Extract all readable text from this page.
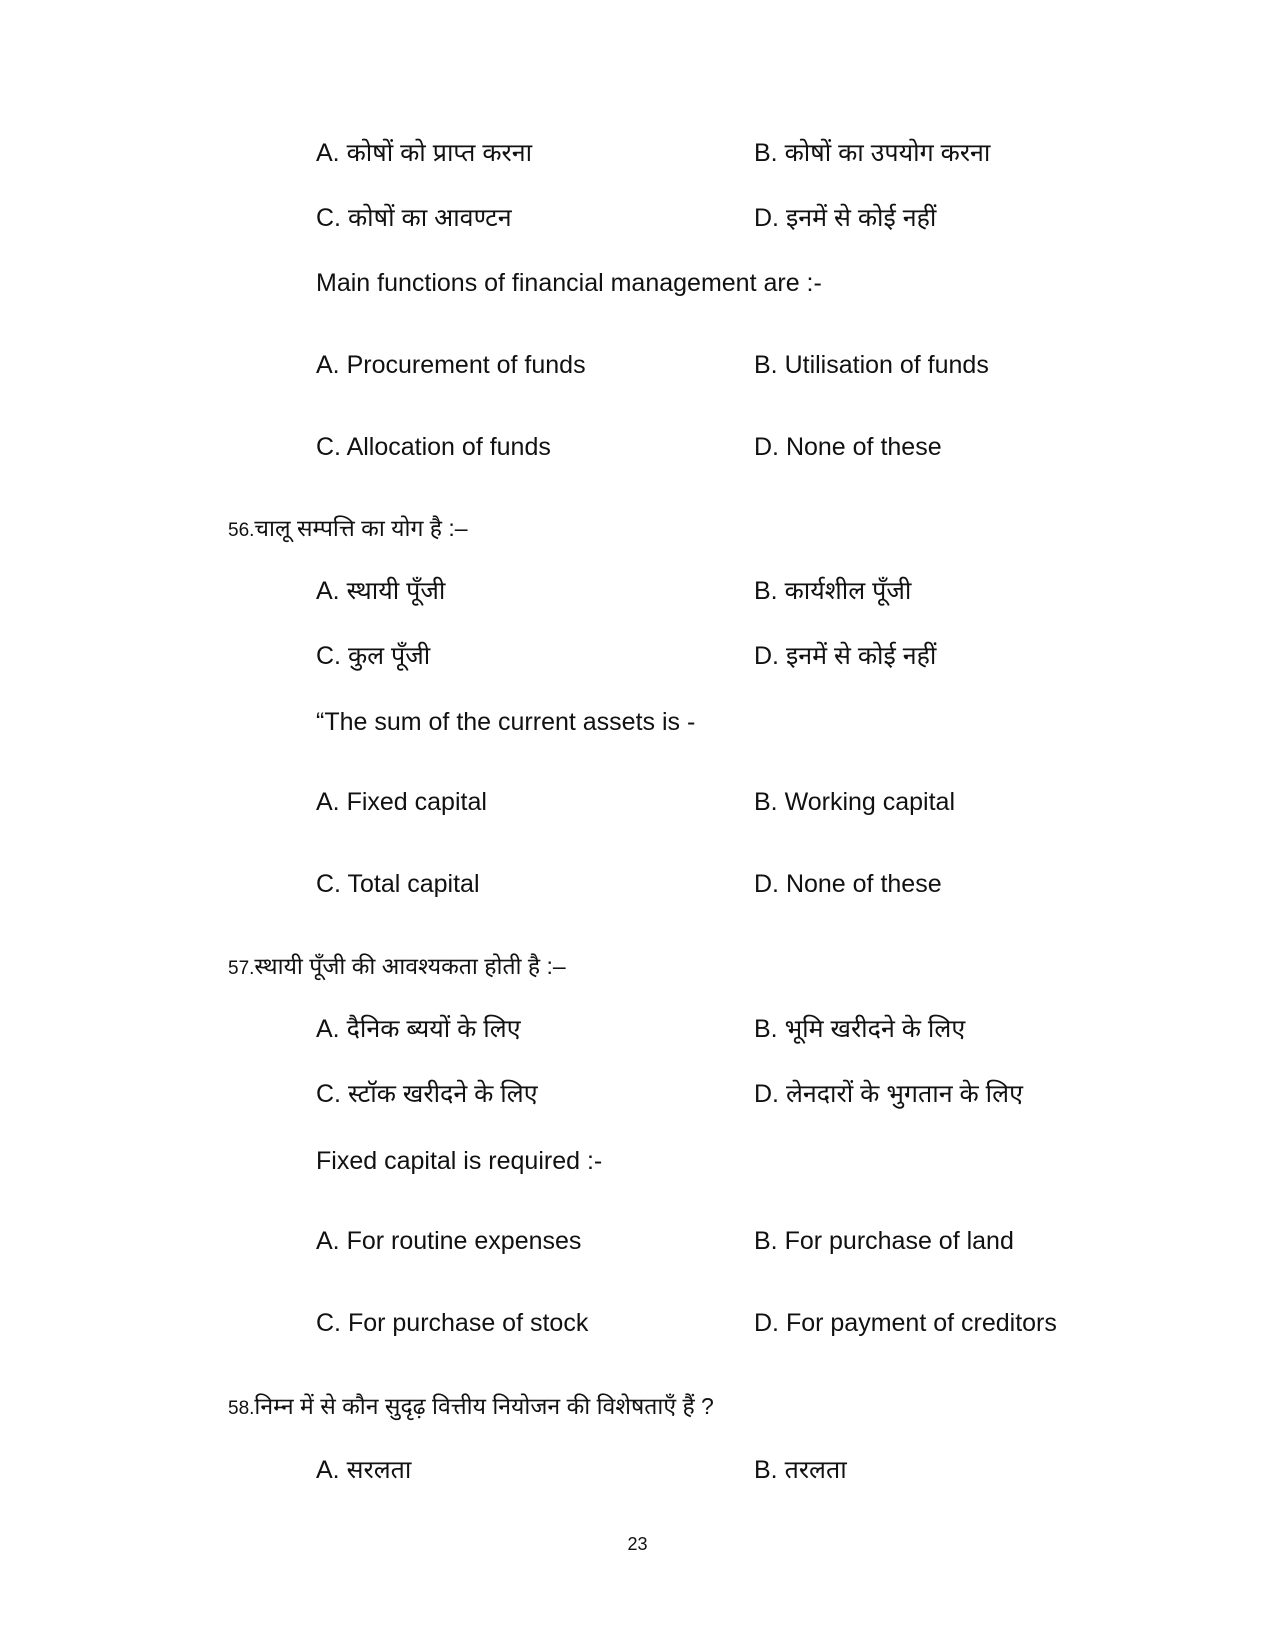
A. कोषों को प्राप्त करना	B. कोषों का उपयोग करना
C. कोषों का आवण्टन	D. इनमें से कोई नहीं
Main functions of financial management are :-
A. Procurement of funds	B. Utilisation of funds
C. Allocation of funds	D. None of these
56.चालू सम्पत्ति का योग है :–
A. स्थायी पूँजी	B. कार्यशील पूँजी
C. कुल पूँजी	D. इनमें से कोई नहीं
“The sum of the current assets is -
A. Fixed capital	B. Working capital
C. Total capital	D. None of these
57.स्थायी पूँजी की आवश्यकता होती है :–
A. दैनिक ब्ययों के लिए	B. भूमि खरीदने के लिए
C. स्टॉक खरीदने के लिए	D. लेनदारों के भुगतान के लिए
Fixed capital is required :-
A. For routine expenses	B. For purchase of land
C. For purchase of stock	D. For payment of creditors
58.निम्न में से कौन सुदृढ़ वित्तीय नियोजन की विशेषताएँ हैं ?
A. सरलता	B. तरलता
23
